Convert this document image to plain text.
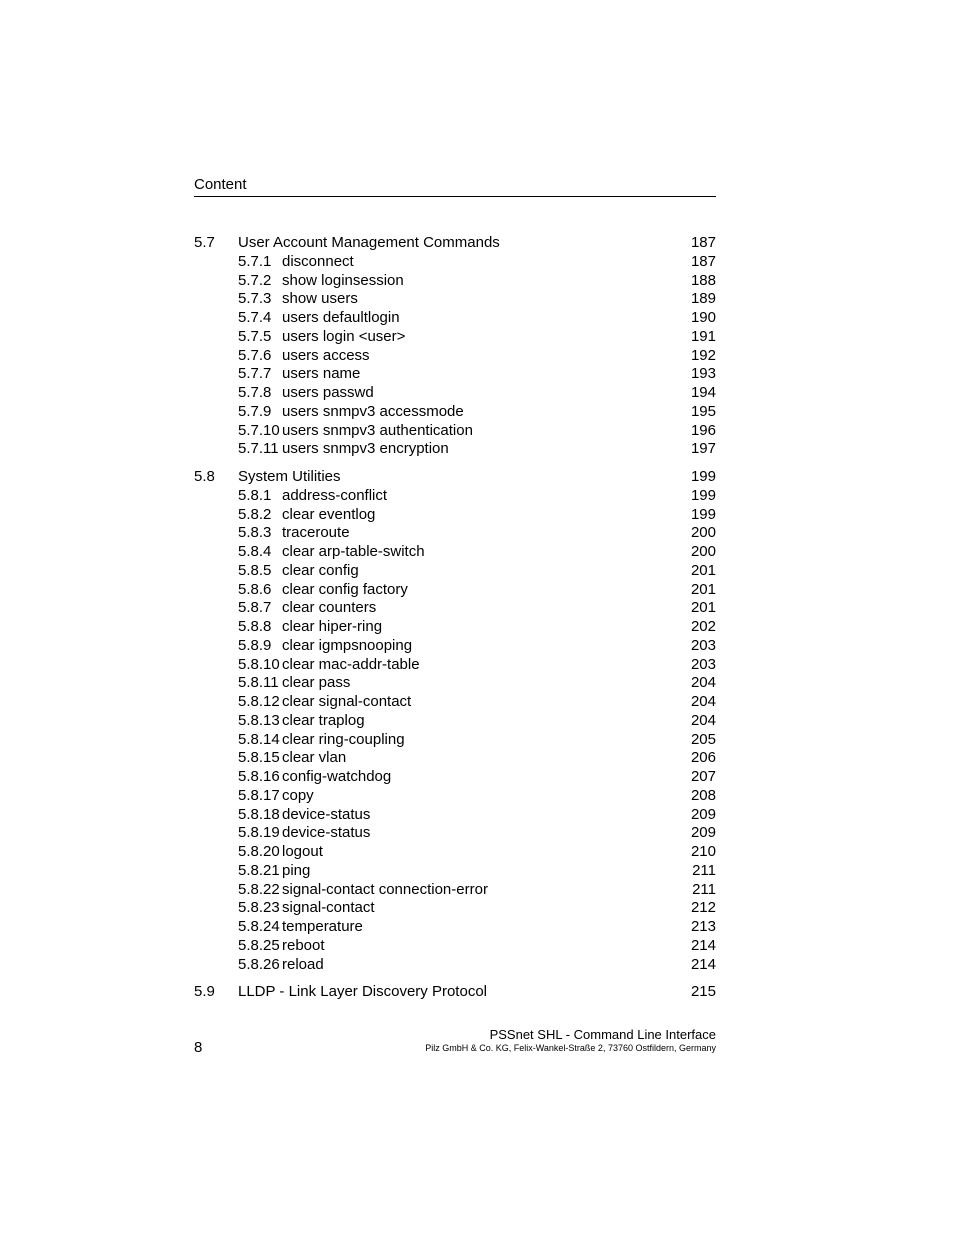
Content
5.7 User Account Management Commands	187
5.7.1 disconnect	187
5.7.2 show loginsession	188
5.7.3 show users	189
5.7.4 users defaultlogin	190
5.7.5 users login <user>	191
5.7.6 users access	192
5.7.7 users name	193
5.7.8 users passwd	194
5.7.9 users snmpv3 accessmode	195
5.7.10 users snmpv3 authentication	196
5.7.11 users snmpv3 encryption	197
5.8 System Utilities	199
5.8.1 address-conflict	199
5.8.2 clear eventlog	199
5.8.3 traceroute	200
5.8.4 clear arp-table-switch	200
5.8.5 clear config	201
5.8.6 clear config factory	201
5.8.7 clear counters	201
5.8.8 clear hiper-ring	202
5.8.9 clear igmpsnooping	203
5.8.10 clear mac-addr-table	203
5.8.11 clear pass	204
5.8.12 clear signal-contact	204
5.8.13 clear traplog	204
5.8.14 clear ring-coupling	205
5.8.15 clear vlan	206
5.8.16 config-watchdog	207
5.8.17 copy	208
5.8.18 device-status	209
5.8.19 device-status	209
5.8.20 logout	210
5.8.21 ping	211
5.8.22 signal-contact connection-error	211
5.8.23 signal-contact	212
5.8.24 temperature	213
5.8.25 reboot	214
5.8.26 reload	214
5.9 LLDP - Link Layer Discovery Protocol	215
8
PSSnet SHL - Command Line Interface
Pilz GmbH & Co. KG, Felix-Wankel-Straße 2, 73760 Ostfildern, Germany
